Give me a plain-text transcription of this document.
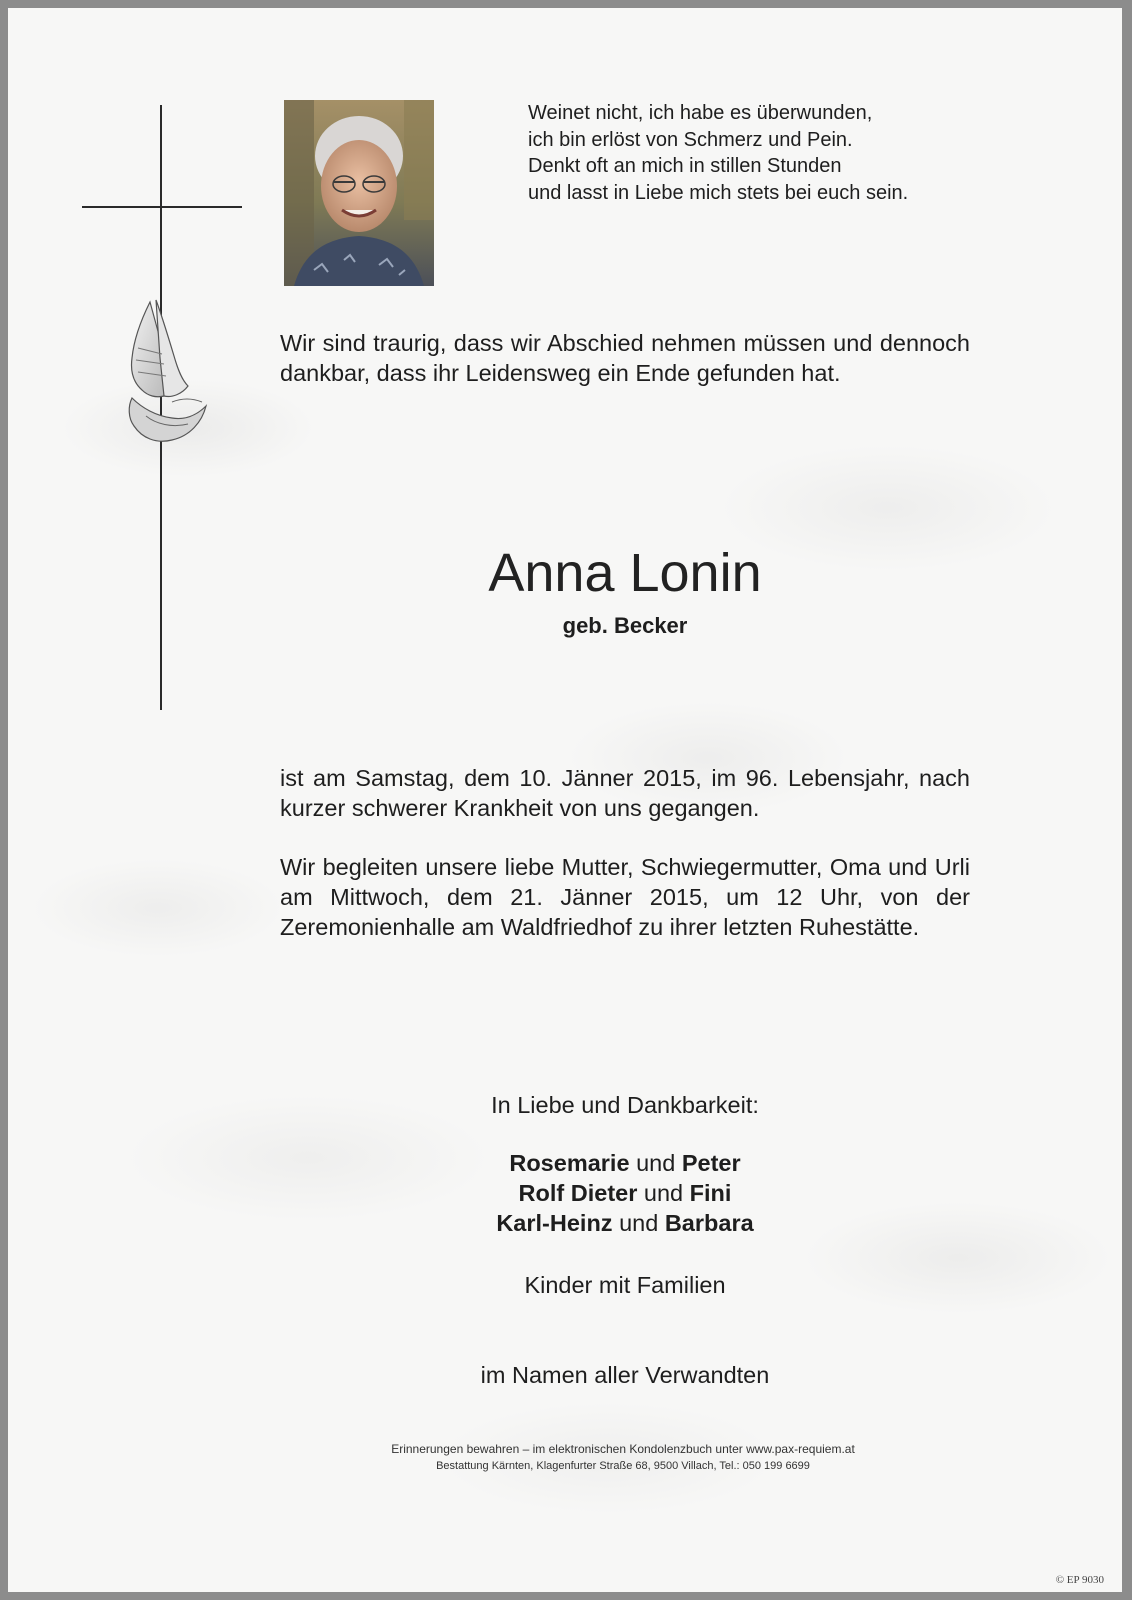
Weinet nicht, ich habe es überwunden,
ich bin erlöst von Schmerz und Pein.
Denkt oft an mich in stillen Stunden
und lasst in Liebe mich stets bei euch sein.
Wir sind traurig, dass wir Abschied nehmen müssen und dennoch dankbar, dass ihr Leidensweg ein Ende gefunden hat.
Anna Lonin
geb. Becker
ist am Samstag, dem 10. Jänner 2015, im 96. Lebensjahr, nach kurzer schwerer Krankheit von uns gegangen.
Wir begleiten unsere liebe Mutter, Schwiegermutter, Oma und Urli am Mittwoch, dem 21. Jänner 2015, um 12 Uhr, von der Zeremonienhalle am Waldfriedhof zu ihrer letzten Ruhestätte.
In Liebe und Dankbarkeit:
Rosemarie und Peter
Rolf Dieter und Fini
Karl-Heinz und Barbara
Kinder mit Familien
im Namen aller Verwandten
Erinnerungen bewahren – im elektronischen Kondolenzbuch unter www.pax-requiem.at
Bestattung Kärnten, Klagenfurter Straße 68, 9500 Villach, Tel.: 050 199 6699
© EP 9030
